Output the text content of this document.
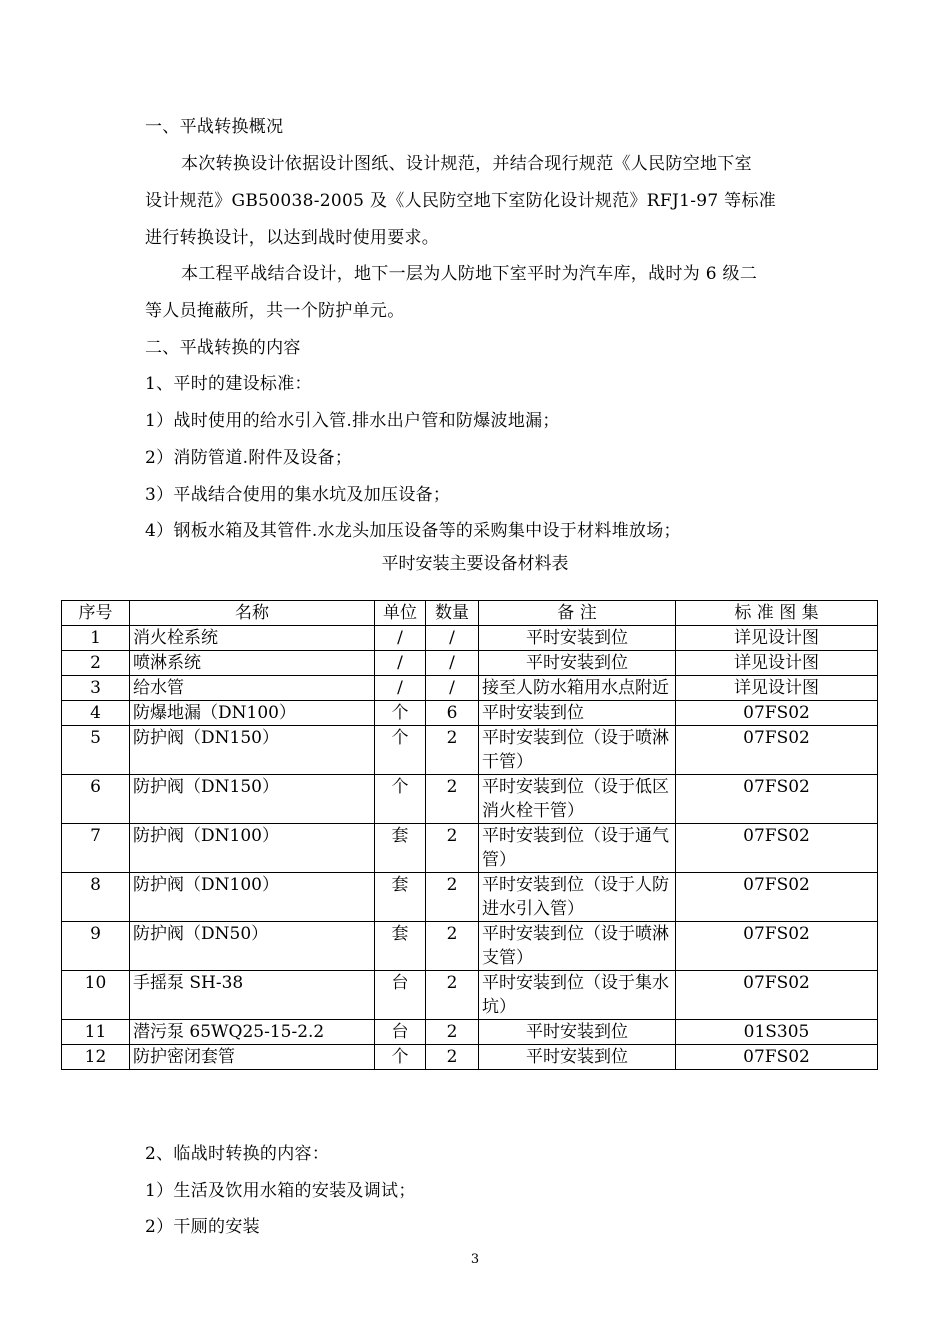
一、平战转换概况
本次转换设计依据设计图纸、设计规范，并结合现行规范《人民防空地下室
设计规范》GB50038-2005 及《人民防空地下室防化设计规范》RFJ1-97 等标准
进行转换设计，以达到战时使用要求。
本工程平战结合设计，地下一层为人防地下室平时为汽车库，战时为 6 级二
等人员掩蔽所，共一个防护单元。
二、平战转换的内容
1、平时的建设标准：
1）战时使用的给水引入管.排水出户管和防爆波地漏；
2）消防管道.附件及设备；
3）平战结合使用的集水坑及加压设备；
4）钢板水箱及其管件.水龙头加压设备等的采购集中设于材料堆放场；
平时安装主要设备材料表
序号	名称	单位	数量	备 注	标 准 图 集
1	消火栓系统	/	/	平时安装到位	详见设计图
2	喷淋系统	/	/	平时安装到位	详见设计图
3	给水管	/	/	接至人防水箱用水点附近	详见设计图
4	防爆地漏（DN100）	个	6	平时安装到位	07FS02
5	防护阀（DN150）	个	2	平时安装到位（设于喷淋干管）	07FS02
6	防护阀（DN150）	个	2	平时安装到位（设于低区消火栓干管）	07FS02
7	防护阀（DN100）	套	2	平时安装到位（设于通气管）	07FS02
8	防护阀（DN100）	套	2	平时安装到位（设于人防进水引入管）	07FS02
9	防护阀（DN50）	套	2	平时安装到位（设于喷淋支管）	07FS02
10	手摇泵 SH-38	台	2	平时安装到位（设于集水坑）	07FS02
11	潜污泵 65WQ25-15-2.2	台	2	平时安装到位	01S305
12	防护密闭套管	个	2	平时安装到位	07FS02
2、临战时转换的内容：
1）生活及饮用水箱的安装及调试；
2）干厕的安装
3
